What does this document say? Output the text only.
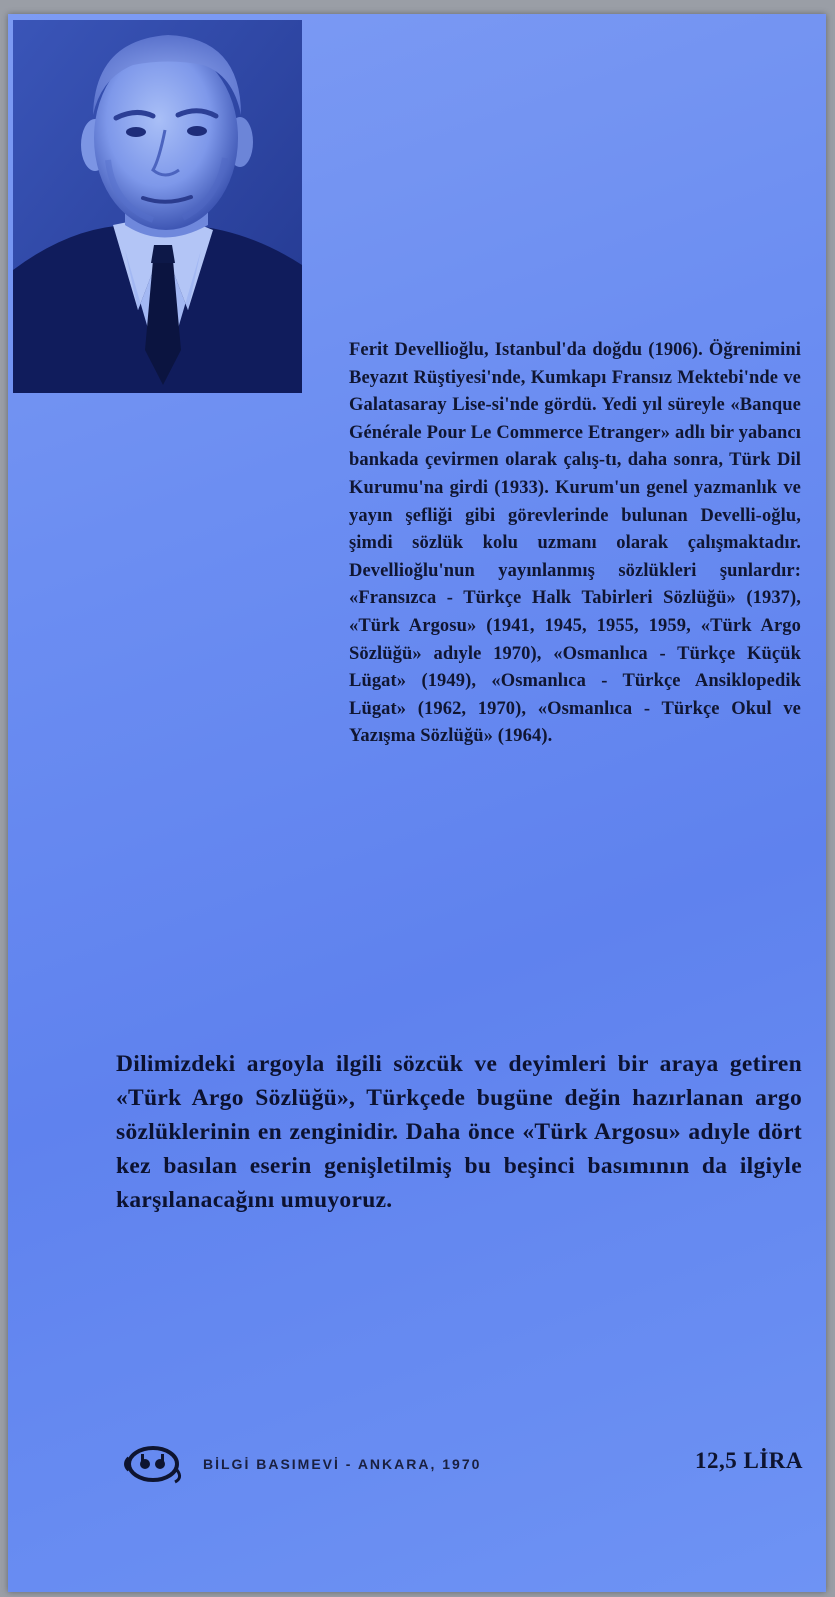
Ferit Devellioğlu, Istanbul'da doğdu (1906). Öğrenimini Beyazıt Rüştiyesi'nde, Kumkapı Fransız Mektebi'nde ve Galatasaray Lise-si'nde gördü. Yedi yıl süreyle «Banque Générale Pour Le Commerce Etranger» adlı bir yabancı bankada çevirmen olarak çalış-tı, daha sonra, Türk Dil Kurumu'na girdi (1933). Kurum'un genel yazmanlık ve yayın şefliği gibi görevlerinde bulunan Develli-oğlu, şimdi sözlük kolu uzmanı olarak çalışmaktadır. Devellioğlu'nun yayınlanmış sözlükleri şunlardır: «Fransızca - Türkçe Halk Tabirleri Sözlüğü» (1937), «Türk Argosu» (1941, 1945, 1955, 1959, «Türk Argo Sözlüğü» adıyle 1970), «Osmanlıca - Türkçe Küçük Lügat» (1949), «Osmanlıca - Türkçe Ansiklopedik Lügat» (1962, 1970), «Osmanlıca - Türkçe Okul ve Yazışma Sözlüğü» (1964).

Dilimizdeki argoyla ilgili sözcük ve deyimleri bir araya getiren «Türk Argo Sözlüğü», Türkçede bugüne değin hazırlanan argo sözlüklerinin en zenginidir. Daha önce «Türk Argosu» adıyle dört kez basılan eserin genişletilmiş bu beşinci basımının da ilgiyle karşılanacağını umuyoruz.

BİLGİ BASIMEVİ - ANKARA, 1970	12,5 LİRA
